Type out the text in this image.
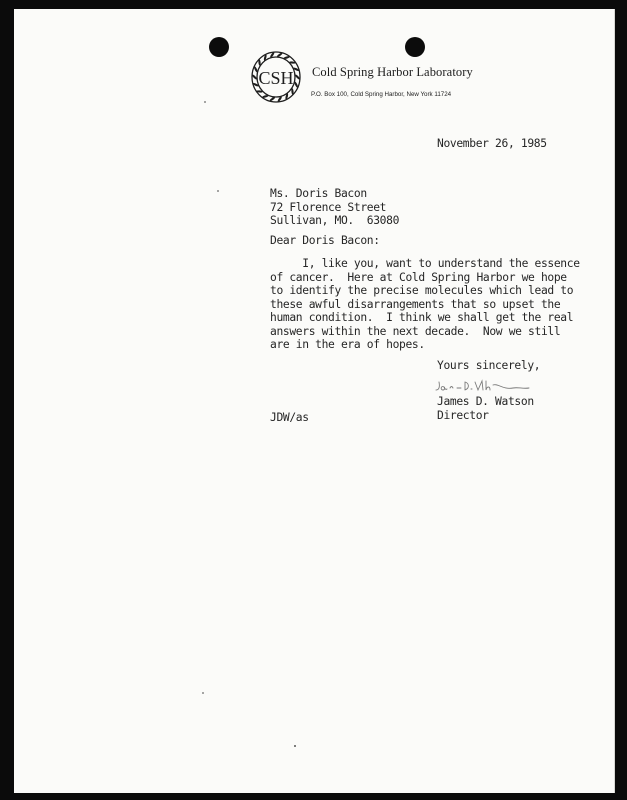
CSH Cold Spring Harbor Laboratory
P.O. Box 100, Cold Spring Harbor, New York 11724
November 26, 1985
Ms. Doris Bacon
72 Florence Street
Sullivan, MO.  63080
Dear Doris Bacon:
I, like you, want to understand the essence
of cancer.  Here at Cold Spring Harbor we hope
to identify the precise molecules which lead to
these awful disarrangements that so upset the
human condition.  I think we shall get the real
answers within the next decade.  Now we still
are in the era of hopes.
Yours sincerely,
James D. Watson
Director
JDW/as
